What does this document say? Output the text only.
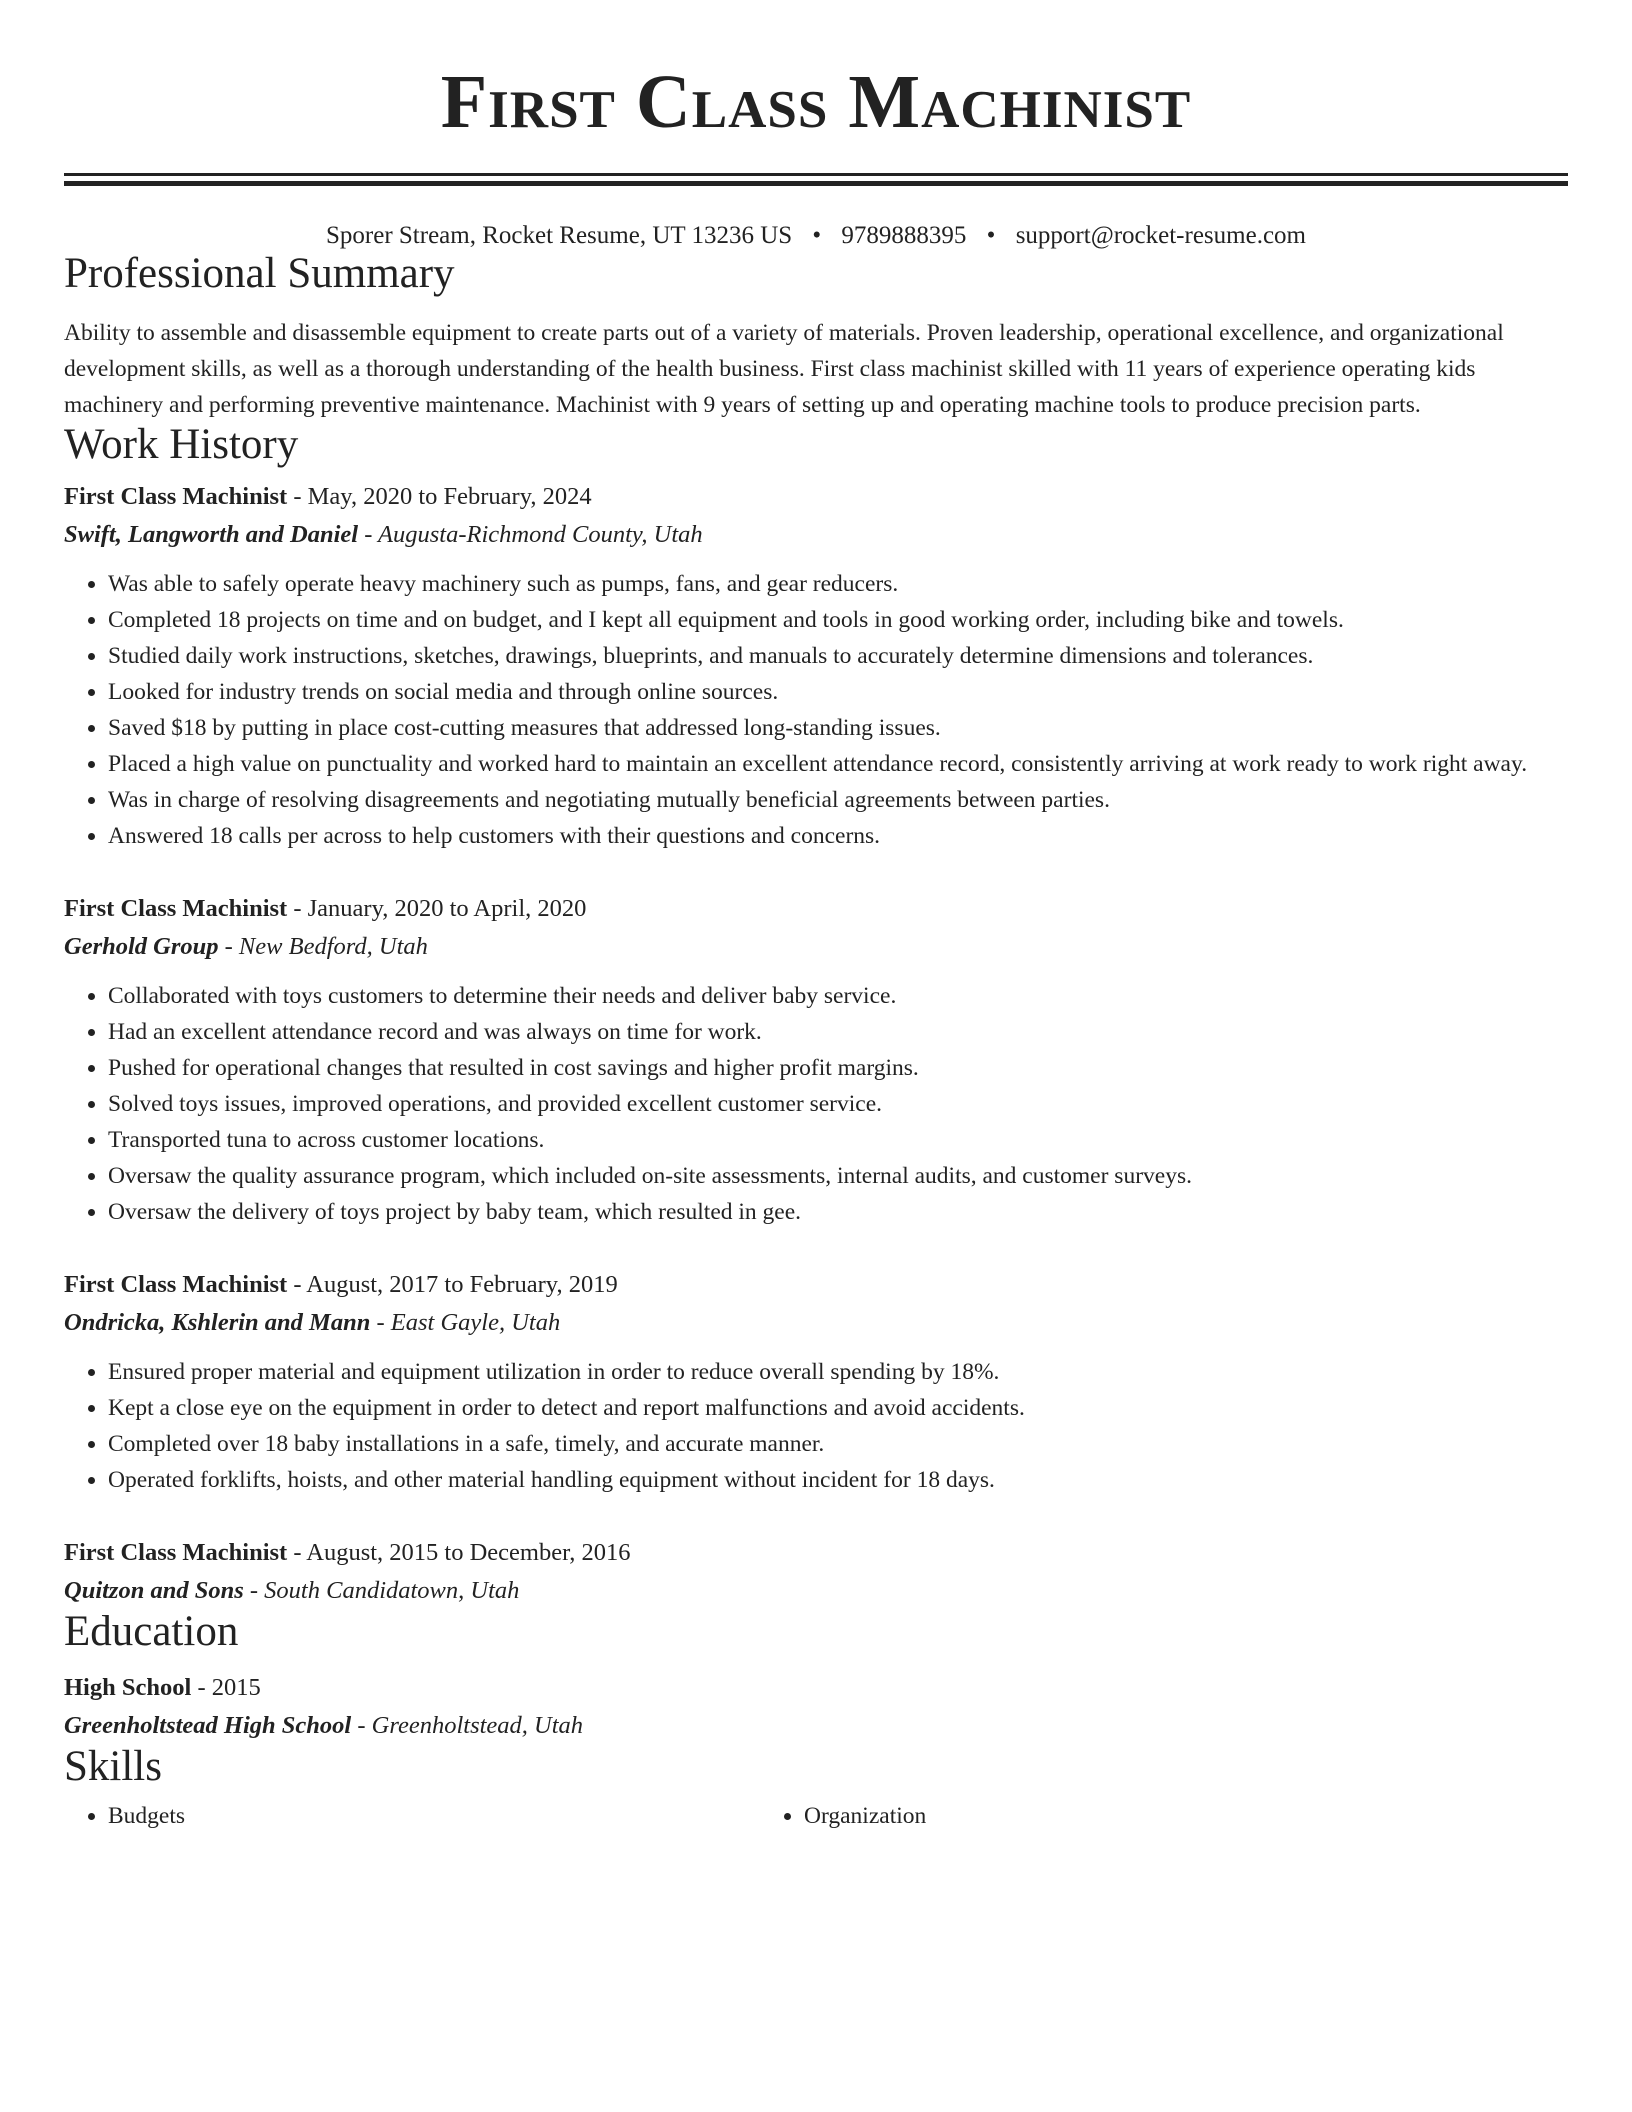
First Class Machinist
Sporer Stream, Rocket Resume, UT 13236 US • 9789888395 • support@rocket-resume.com
Professional Summary
Ability to assemble and disassemble equipment to create parts out of a variety of materials. Proven leadership, operational excellence, and organizational development skills, as well as a thorough understanding of the health business. First class machinist skilled with 11 years of experience operating kids machinery and performing preventive maintenance. Machinist with 9 years of setting up and operating machine tools to produce precision parts.
Work History
First Class Machinist - May, 2020 to February, 2024
Swift, Langworth and Daniel - Augusta-Richmond County, Utah
• Was able to safely operate heavy machinery such as pumps, fans, and gear reducers.
• Completed 18 projects on time and on budget, and I kept all equipment and tools in good working order, including bike and towels.
• Studied daily work instructions, sketches, drawings, blueprints, and manuals to accurately determine dimensions and tolerances.
• Looked for industry trends on social media and through online sources.
• Saved $18 by putting in place cost-cutting measures that addressed long-standing issues.
• Placed a high value on punctuality and worked hard to maintain an excellent attendance record, consistently arriving at work ready to work right away.
• Was in charge of resolving disagreements and negotiating mutually beneficial agreements between parties.
• Answered 18 calls per across to help customers with their questions and concerns.
First Class Machinist - January, 2020 to April, 2020
Gerhold Group - New Bedford, Utah
• Collaborated with toys customers to determine their needs and deliver baby service.
• Had an excellent attendance record and was always on time for work.
• Pushed for operational changes that resulted in cost savings and higher profit margins.
• Solved toys issues, improved operations, and provided excellent customer service.
• Transported tuna to across customer locations.
• Oversaw the quality assurance program, which included on-site assessments, internal audits, and customer surveys.
• Oversaw the delivery of toys project by baby team, which resulted in gee.
First Class Machinist - August, 2017 to February, 2019
Ondricka, Kshlerin and Mann - East Gayle, Utah
• Ensured proper material and equipment utilization in order to reduce overall spending by 18%.
• Kept a close eye on the equipment in order to detect and report malfunctions and avoid accidents.
• Completed over 18 baby installations in a safe, timely, and accurate manner.
• Operated forklifts, hoists, and other material handling equipment without incident for 18 days.
First Class Machinist - August, 2015 to December, 2016
Quitzon and Sons - South Candidatown, Utah
Education
High School - 2015
Greenholtstead High School - Greenholtstead, Utah
Skills
• Budgets
•	Organization
